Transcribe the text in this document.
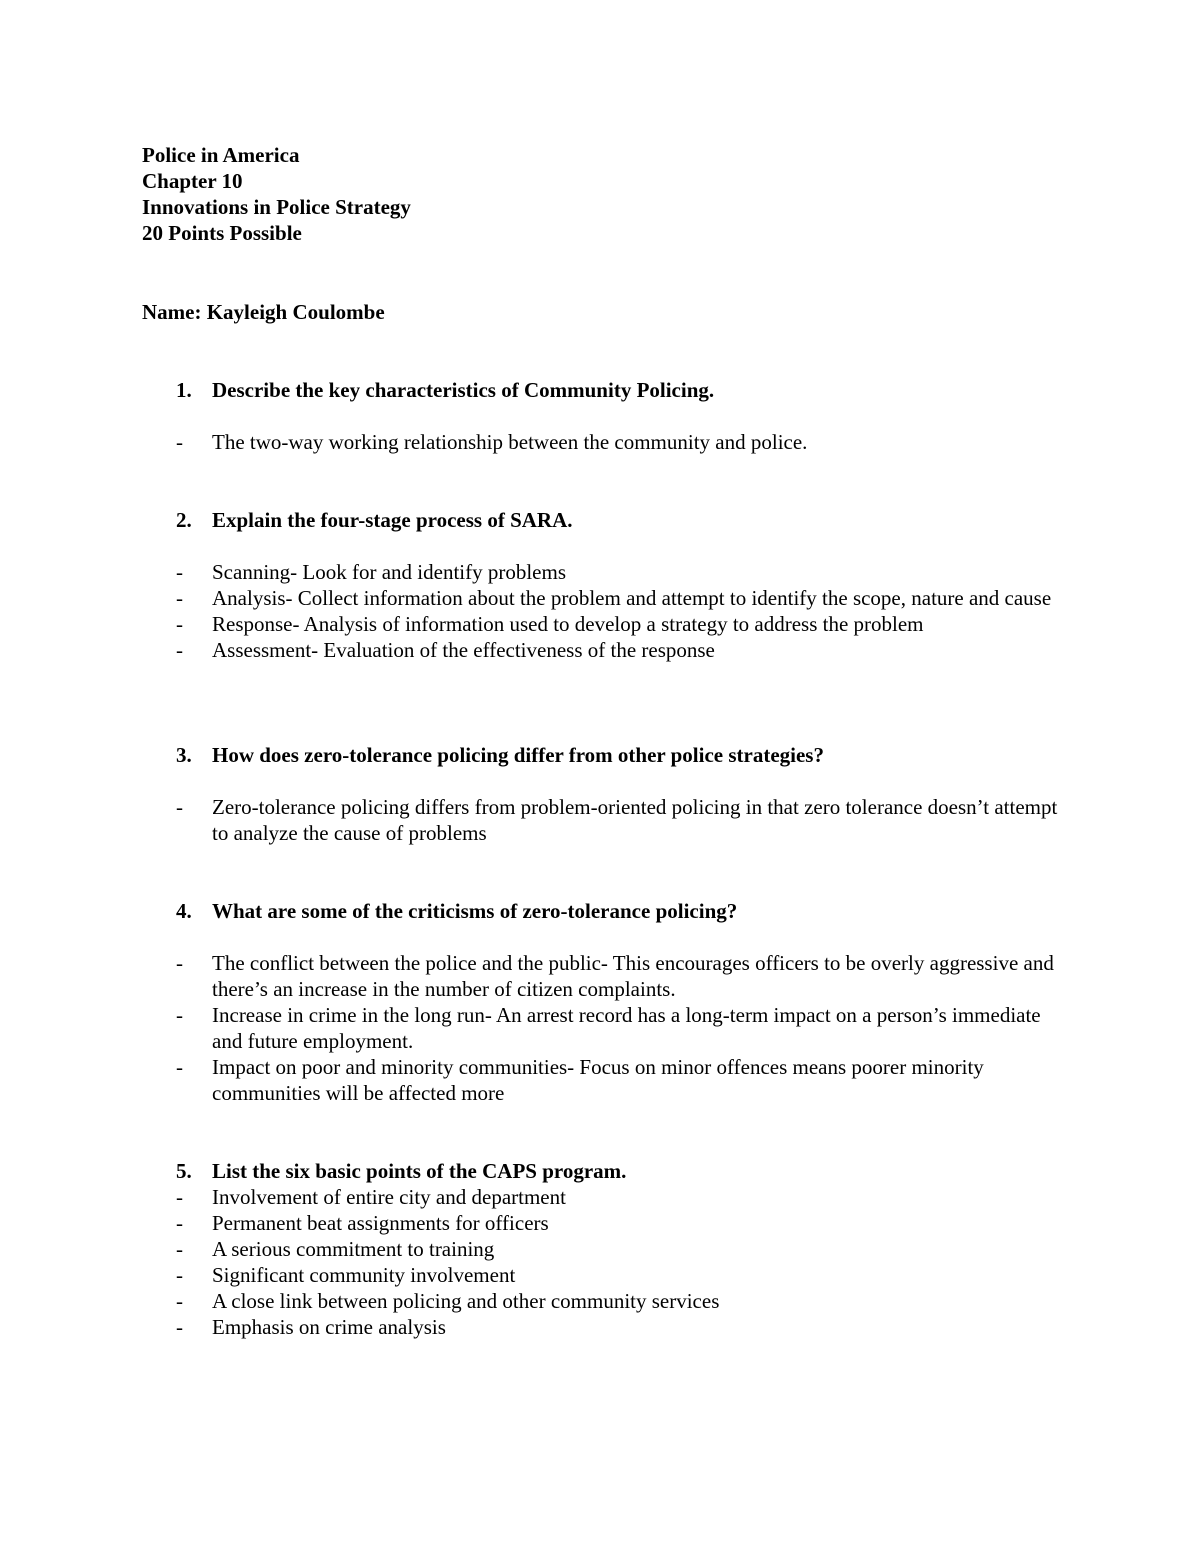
Police in America
Chapter 10
Innovations in Police Strategy
20 Points Possible
Name: Kayleigh Coulombe
1. Describe the key characteristics of Community Policing.
- The two-way working relationship between the community and police.
2. Explain the four-stage process of SARA.
- Scanning- Look for and identify problems
- Analysis- Collect information about the problem and attempt to identify the scope, nature and cause
- Response- Analysis of information used to develop a strategy to address the problem
- Assessment- Evaluation of the effectiveness of the response
3. How does zero-tolerance policing differ from other police strategies?
- Zero-tolerance policing differs from problem-oriented policing in that zero tolerance doesn’t attempt to analyze the cause of problems
4. What are some of the criticisms of zero-tolerance policing?
- The conflict between the police and the public- This encourages officers to be overly aggressive and there’s an increase in the number of citizen complaints.
- Increase in crime in the long run- An arrest record has a long-term impact on a person’s immediate and future employment.
- Impact on poor and minority communities- Focus on minor offences means poorer minority communities will be affected more
5. List the six basic points of the CAPS program.
- Involvement of entire city and department
- Permanent beat assignments for officers
- A serious commitment to training
- Significant community involvement
- A close link between policing and other community services
- Emphasis on crime analysis
